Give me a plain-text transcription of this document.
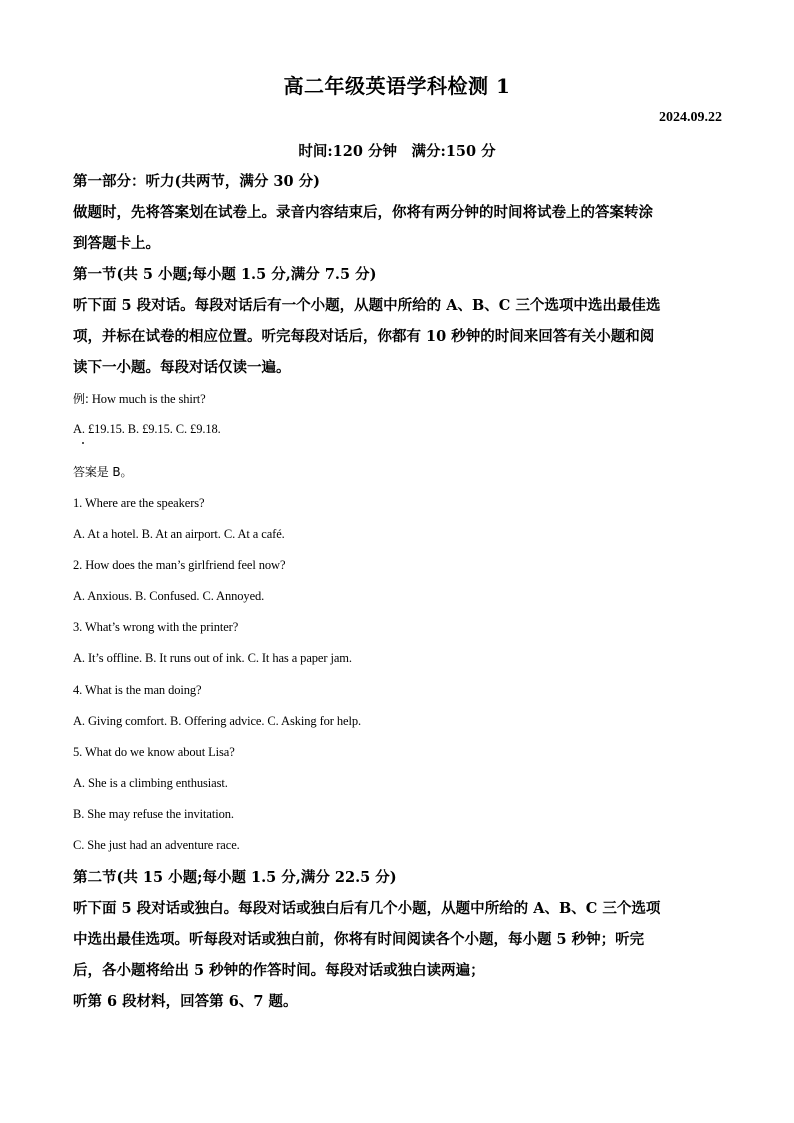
高二年级英语学科检测 1
2024.09.22
时间:120 分钟　满分:150 分
第一部分：听力(共两节，满分 30 分)
做题时，先将答案划在试卷上。录音内容结束后，你将有两分钟的时间将试卷上的答案转涂
到答题卡上。
第一节(共 5 小题;每小题 1.5 分,满分 7.5 分)
听下面 5 段对话。每段对话后有一个小题，从题中所给的 A、B、C 三个选项中选出最佳选
项，并标在试卷的相应位置。听完每段对话后，你都有 10 秒钟的时间来回答有关小题和阅
读下一小题。每段对话仅读一遍。
例: How much is the shirt?
A. £19.15. B. £9.15. C. £9.18.
答案是 B。
1. Where are the speakers?
A. At a hotel. B. At an airport. C. At a café.
2. How does the man’s girlfriend feel now?
A. Anxious. B. Confused. C. Annoyed.
3. What’s wrong with the printer?
A. It’s offline. B. It runs out of ink. C. It has a paper jam.
4. What is the man doing?
A. Giving comfort. B. Offering advice. C. Asking for help.
5. What do we know about Lisa?
A. She is a climbing enthusiast.
B. She may refuse the invitation.
C. She just had an adventure race.
第二节(共 15 小题;每小题 1.5 分,满分 22.5 分)
听下面 5 段对话或独白。每段对话或独白后有几个小题，从题中所给的 A、B、C 三个选项
中选出最佳选项。听每段对话或独白前，你将有时间阅读各个小题，每小题 5 秒钟；听完
后，各小题将给出 5 秒钟的作答时间。每段对话或独白读两遍；
听第 6 段材料，回答第 6、7 题。
